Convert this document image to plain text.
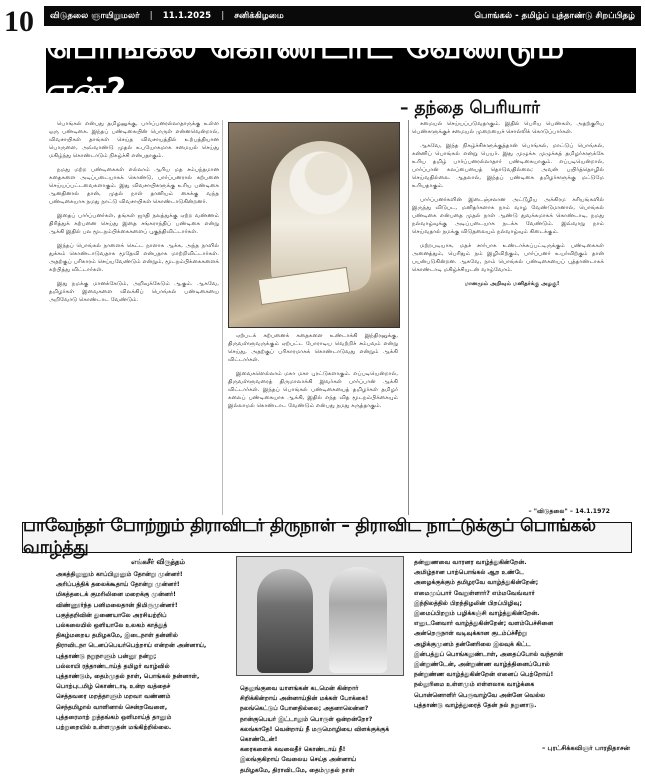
10	விடுதலை ஞாயிறுமலர் | 11.1.2025 | சனிக்கிழமை	பொங்கல் - தமிழ்ப் புத்தாண்டு சிறப்பிதழ்
பொங்கல் கொண்டாட வேண்டும் ஏன்?	– தந்தை பெரியார்

பொங்கல் என்பது தமிழனுக்கு, பார்ப்பனரல்லாதாருக்கு உள்ள ஒரு பண்டிகை. இந்தப் பண்டிகையின் பொருள் என்னவென்றால், விவசாயிகள் தாங்கள் செய்த விவசாயத்தில் உற்பத்தியான பொருளை, அவ்வாண்டு முதல் உபயோகமாக சமையல் செய்து மகிழ்ந்து கொண்டாடும் நிகழ்ச்சி என்பதாகும்.

நமது மற்ற பண்டிகைகள் எல்லாம் ஆரிய மத சம்பந்தமான கதைகளை அடிப்படையாகக் கொண்டு, பார்ப்பனரால் கற்பனை செய்யப்பட்டவைகளாகும். இது விவசாயிகளுக்கு உரிய பண்டிகை ஆனதினால் தான், முதல் நாள் தானியம் கைக்கு வந்த பண்டிகையாக நமது நாட்டு விவசாயிகள் கொண்டாடுகின்றனர்.

இதைப் பார்ப்பனர்கள், தங்கள் ஜாதி நலத்துக்கு ஏற்ற வண்ணம் திரித்துக் கற்பனை செய்து இதை சங்கராந்திப் பண்டிகை என்று ஆக்கி இதில் பல மூடநம்பிக்கைகளைப் புகுத்திவிட்டார்கள்.

இந்தப் பொங்கல் நாளைக் கெட்ட நாளாக ஆக்க, அந்த நாளில் துக்கம் கொண்டாடுவதாக மூதேவி என்பதாக மாற்றிவிட்டார்கள். அதற்குப் பரிகாரம் செய்யவேண்டும் என்றும், மூடநம்பிக்கைகளைக் கற்பித்து விட்டார்கள்.

இது நமக்கு மானக்கேடும், அறிவுக்கேடும் ஆகும். ஆகவே, தமிழர்கள் இவைகளை விலக்கிப் பொங்கல் பண்டிகையை அறிவோடு கொண்டாட வேண்டும்.

ஏற்படக் கற்பனைக் கதைகளை உண்டாக்கி இந்திரனுக்கு, திருவள்ளுவருக்கும் ஏற்பட்ட போராடிய வெற்றிச் சம்பவம் என்று செய்து, அதற்குப் பரிகாரமாகக் கொண்டாடுவது என்றும் ஆக்கி விட்டார்கள்.

இவைகளெல்லாம் மகா மகா புரட்டுகளாகும். எப்படியென்றால், திருவள்ளுவரைத் திருமாலாக்கி இவர்கள் பார்ப்பான் ஆக்கி விட்டார்கள். இந்தப் பொங்கல் பண்டிகையைத் தமிழர்கள் தமிழர் கலைப் பண்டிகையாக ஆக்கி, இதில் எந்த வித மூடநம்பிக்கையும் இல்லாமல் கொண்டாட வேண்டும் என்பது நமது கருத்தாகும்.

சமையல் செய்யப்படுவதாகும். இதில் பெரிய பெண்கள், அதற்குரிய பெண்களுக்குச் சமையல் முறையைச் சொல்லிக் கொடுப்பார்கள்.

ஆகவே, இந்த நிகழ்ச்சிகளுக்குத்தான் பொங்கல், மாட்டுப் பொங்கல், கன்னிப் பொங்கல் என்று பெயர். இது முழுக்க முழுக்கத் தமிழர்களுக்கே உரிய தமிழ் பார்ப்பனரல்லாதார் பண்டிகையாகும். எப்படியென்றால், பார்ப்பான் கலப்பையைத் தொடுவதில்லை; அவன் பயிர்த்தொழில் செய்வதில்லை. ஆதலால், இந்தப் பண்டிகை தமிழர்களுக்கு மட்டுமே உரியதாகும்.

பார்ப்பனர்களின் இடைஞ்சலான அட்டூழிய அக்கிரம கரியங்களில் இருந்து விடுபட, மனிதர்களாக நாம் வாழ வேண்டுமானால், பொங்கல் பண்டிகை என்பதை முதல் நாள் ஆண்டு துவக்கமாகக் கொண்டாடி, நமது நல்வாழ்வுக்கு அடிப்படையாக நடக்க வேண்டும். இவ்வாறு நாம் செய்வதால் நமக்கு விடுதலையும் நல்வாழ்வும் கிடைக்கும்.

மற்றபடியாக, மதச் சார்பாக உண்டாக்கப்பட்டிருக்கும் பண்டிகைகள் அனைத்தும், பெரிதும் நம் இழிவிற்கும், பார்ப்பனர் உயர்விற்கும் தான் பயன்படுகின்றன. ஆகவே, நாம் பொங்கல் பண்டிகையைப் புத்தாண்டாகக் கொண்டாடி மகிழ்ச்சியுடன் வாழ்வோம்.

மானமும் அறிவும் மனிதர்க்கு அழகு!

– "விடுதலை" – 14.1.1972
பாவேந்தர் போற்றும் திராவிடர் திருநாள் – திராவிட நாட்டுக்குப் பொங்கல் வாழ்த்து
எங்கசீர் விருத்தம்
அகத்திலுனும் காப்பிலுனும் தோன்று முன்னர்!
அரிப்பத்திக் தலைக்கூதாய் தோன்று முன்னர்!
மிகத்தடைக் குமரிலினை மறைக்கு முன்னர்!
விண்ணூர்ந்த பனிமலைதான் நிமிருமுன்னர்!
பகுத்தறிவின் துணையாலே அரசியற்றிப்
பல்கலையில் ஒளியாலே உலகம் காத்துத்
திகழ்மறைய தமிழகமே, இடைநாள் தன்னில்
திராவிடநா டெனப்பெயர்பெற்றாய் என்றன் அன்னாய்,
புத்தாண்டு நறுநாளும் பன்னூ நன்று;
பல்லாயி ரத்தாண்டாய்த் தமிழர் வாழ்வில்
புத்தாண்டும், தைம்முதல் நாள், பொங்கல் நன்னாள்,
பொற்புடமிழ் கொண்டாடி உன்ற வத்தைச்
செத்தவரை மறத்தாளும் மறவா வண்ணம்
செந்தமிழால் வாளினால் சென்றவேளை,
புத்தரைமாற் றுத்தங்கம் ஒளிமாய்த் தானும்
பற்றுறையில் உள்ளமுதன் மங்கிற்றில்லை.
தெலுங்குவை யாளங்கன் கடமென் கின்றார்
சிறிக்கின்றாய் அன்னாய்நின் மக்கள் போக்கை!
நலங்கெட்டுப் போனதில்லை; அதனாலென்ன?
நான்குபெயர் இட்டாலும் பொருள் ஒன்றன்றோ?
கலங்காதே! வென்றாய் நீ மருமொழியை விளக்குக்குக் கொண்டேன்!
கரைகளைக் கவலைதீர் கொண்டாய் நீ!
இலங்குகிறாய் வேலைய செய்த அன்னாய்
தமிழகமே, திராவிடமே, தைம்முதல் நாள்
தன்னுணவை வாரனர வாழ்த்துகின்றேன்.
அமிழ்தான பாற்பொங்கல் ஆற உண்டே
அழைக்குக்கும் தமிழரவே வாழ்த்துகின்றேன்;
எமைமுப்பார் வேறுள்ளார்? எம்மவேவ்வார்
இந்நிலத்தில் பிறந்திழலின் பிறப்பிழிவு;
இமைப்பிறறும் பழிக்கஞ்சி வாழ்த்துகின்றேன்.
எனுடனேவார் வாழ்த்துகின்றேன்; வளம்பேச்சினை
அன்றெருநாள் வடிவுக்கான குடம்ப்ச்சீற்று
அழிக்குமுனம் தன்னேரிலை இலவுக் கிட்ட
இன்பத்துப் பொங்கலுண்டாள், அதைப்போல் வந்தான்
இன்றுண்டேன், அன்றுண்ண வாழ்த்தினைப்போல்
நன்றுண்ண வாழ்த்துகின்றேன் எனைப் பெற்றோய்!
நல்லுரிமை உள்ளமும் எள்ளலாக வாழ்க்கை
பொன்னொளிர் பெருவாழ்வே அன்னே வெல்ல
புத்தாண்டு வாழ்த்துரைத் தேன் நல் நறுனாடு.
– புரட்சிக்கவிஞர் பாரதிதாசன்
